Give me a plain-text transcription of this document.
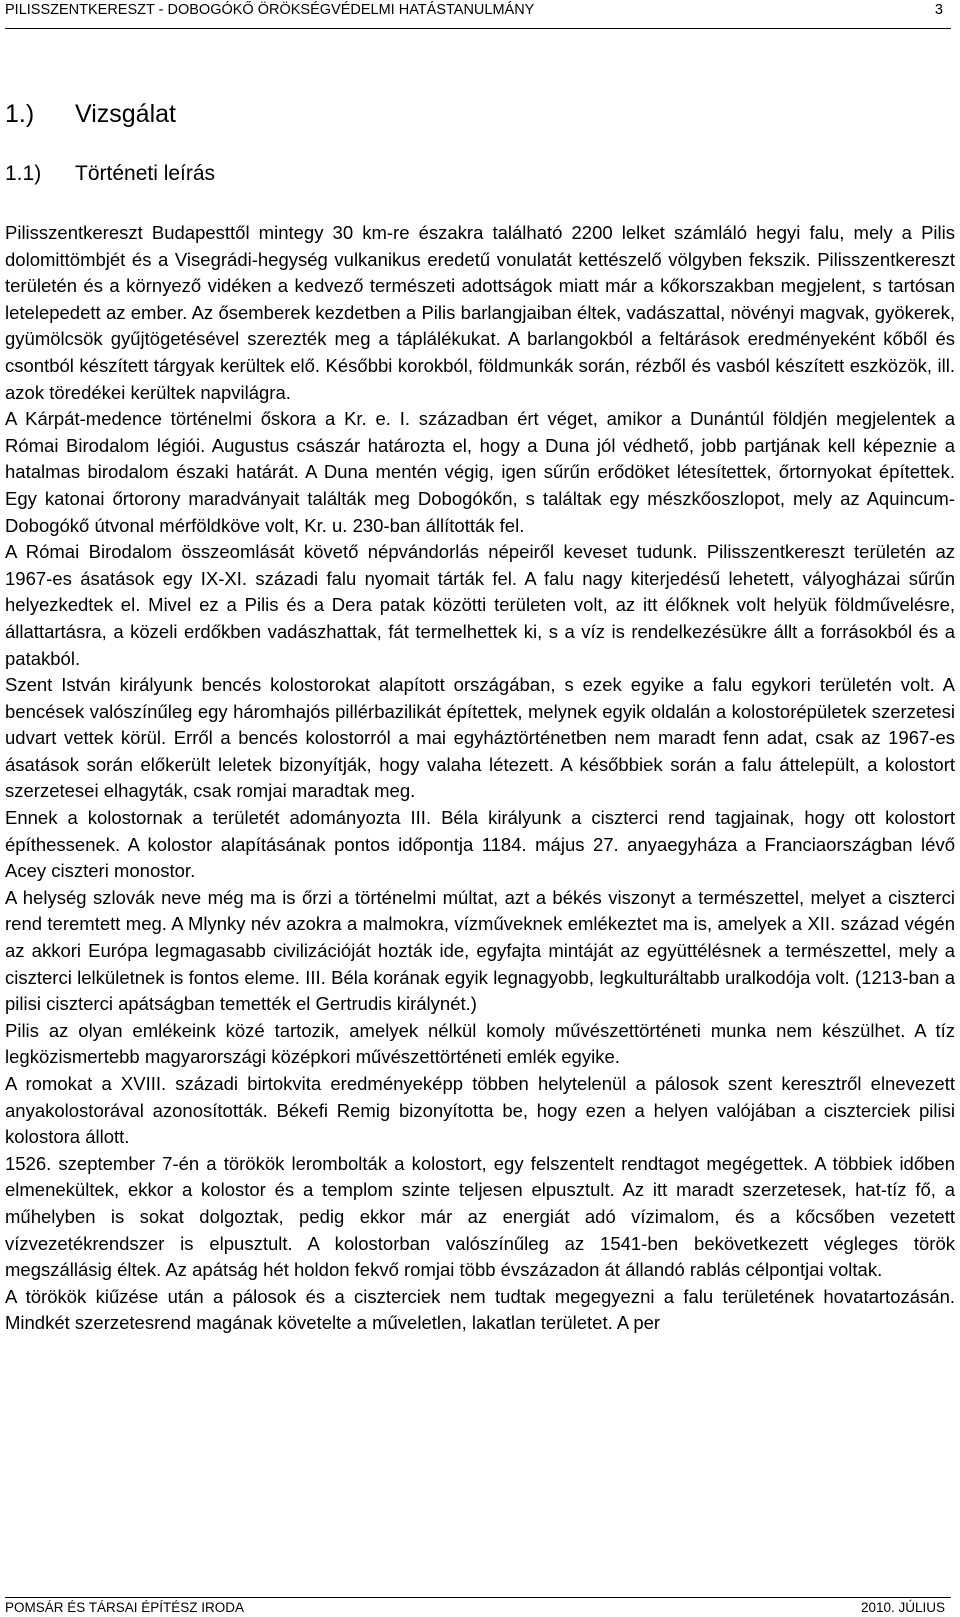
PILISSZENTKERESZT - DOBOGÓKŐ ÖRÖKSÉGVÉDELMI HATÁSTANULMÁNY	3
1.)	Vizsgálat
1.1)	Történeti leírás

Pilisszentkereszt Budapesttől mintegy 30 km-re északra található 2200 lelket számláló hegyi falu, mely a Pilis dolomittömbjét és a Visegrádi-hegység vulkanikus eredetű vonulatát kettészelő völgyben fekszik. Pilisszentkereszt területén és a környező vidéken a kedvező természeti adottságok miatt már a kőkorszakban megjelent, s tartósan letelepedett az ember. Az ősemberek kezdetben a Pilis barlangjaiban éltek, vadászattal, növényi magvak, gyökerek, gyümölcsök gyűjtögetésével szerezték meg a táplálékukat. A barlangokból a feltárások eredményeként kőből és csontból készített tárgyak kerültek elő. Későbbi korokból, földmunkák során, rézből és vasból készített eszközök, ill. azok töredékei kerültek napvilágra.

A Kárpát-medence történelmi őskora a Kr. e. I. században ért véget, amikor a Dunántúl földjén megjelentek a Római Birodalom légiói. Augustus császár határozta el, hogy a Duna jól védhető, jobb partjának kell képeznie a hatalmas birodalom északi határát. A Duna mentén végig, igen sűrűn erődöket létesítettek, őrtornyokat építettek. Egy katonai őrtorony maradványait találták meg Dobogókőn, s találtak egy mészkőoszlopot, mely az Aquincum-Dobogókő útvonal mérföldköve volt, Kr. u. 230-ban állították fel.

A Római Birodalom összeomlását követő népvándorlás népeiről keveset tudunk. Pilisszentkereszt területén az 1967-es ásatások egy IX-XI. századi falu nyomait tárták fel. A falu nagy kiterjedésű lehetett, vályogházai sűrűn helyezkedtek el. Mivel ez a Pilis és a Dera patak közötti területen volt, az itt élőknek volt helyük földművelésre, állattartásra, a közeli erdőkben vadászhattak, fát termelhettek ki, s a víz is rendelkezésükre állt a forrásokból és a patakból.

Szent István királyunk bencés kolostorokat alapított országában, s ezek egyike a falu egykori területén volt. A bencések valószínűleg egy háromhajós pillérbazilikát építettek, melynek egyik oldalán a kolostorépületek szerzetesi udvart vettek körül. Erről a bencés kolostorról a mai egyháztörténetben nem maradt fenn adat, csak az 1967-es ásatások során előkerült leletek bizonyítják, hogy valaha létezett. A későbbiek során a falu áttelepült, a kolostort szerzetesei elhagyták, csak romjai maradtak meg.

Ennek a kolostornak a területét adományozta III. Béla királyunk a ciszterci rend tagjainak, hogy ott kolostort építhessenek. A kolostor alapításának pontos időpontja 1184. május 27. anyaegyháza a Franciaországban lévő Acey ciszteri monostor.

A helység szlovák neve még ma is őrzi a történelmi múltat, azt a békés viszonyt a természettel, melyet a ciszterci rend teremtett meg. A Mlynky név azokra a malmokra, vízműveknek emlékeztet ma is, amelyek a XII. század végén az akkori Európa legmagasabb civilizációját hozták ide, egyfajta mintáját az együttélésnek a természettel, mely a ciszterci lelkületnek is fontos eleme. III. Béla korának egyik legnagyobb, legkulturáltabb uralkodója volt. (1213-ban a pilisi ciszterci apátságban temették el Gertrudis királynét.)

Pilis az olyan emlékeink közé tartozik, amelyek nélkül komoly művészettörténeti munka nem készülhet. A tíz legközismertebb magyarországi középkori művészettörténeti emlék egyike.

A romokat a XVIII. századi birtokvita eredményeképp többen helytelenül a pálosok szent keresztről elnevezett anyakolostorával azonosították. Békefi Remig bizonyította be, hogy ezen a helyen valójában a ciszterciek pilisi kolostora állott.

1526. szeptember 7-én a törökök lerombolták a kolostort, egy felszentelt rendtagot megégettek. A többiek időben elmenekültek, ekkor a kolostor és a templom szinte teljesen elpusztult. Az itt maradt szerzetesek, hat-tíz fő, a műhelyben is sokat dolgoztak, pedig ekkor már az energiát adó vízimalom, és a kőcsőben vezetett vízvezetékrendszer is elpusztult. A kolostorban valószínűleg az 1541-ben bekövetkezett végleges török megszállásig éltek. Az apátság hét holdon fekvő romjai több évszázadon át állandó rablás célpontjai voltak.

A törökök kiűzése után a pálosok és a ciszterciek nem tudtak megegyezni a falu területének hovatartozásán. Mindkét szerzetesrend magának követelte a műveletlen, lakatlan területet. A per

POMSÁR ÉS TÁRSAI ÉPÍTÉSZ IRODA	2010. JÚLIUS
